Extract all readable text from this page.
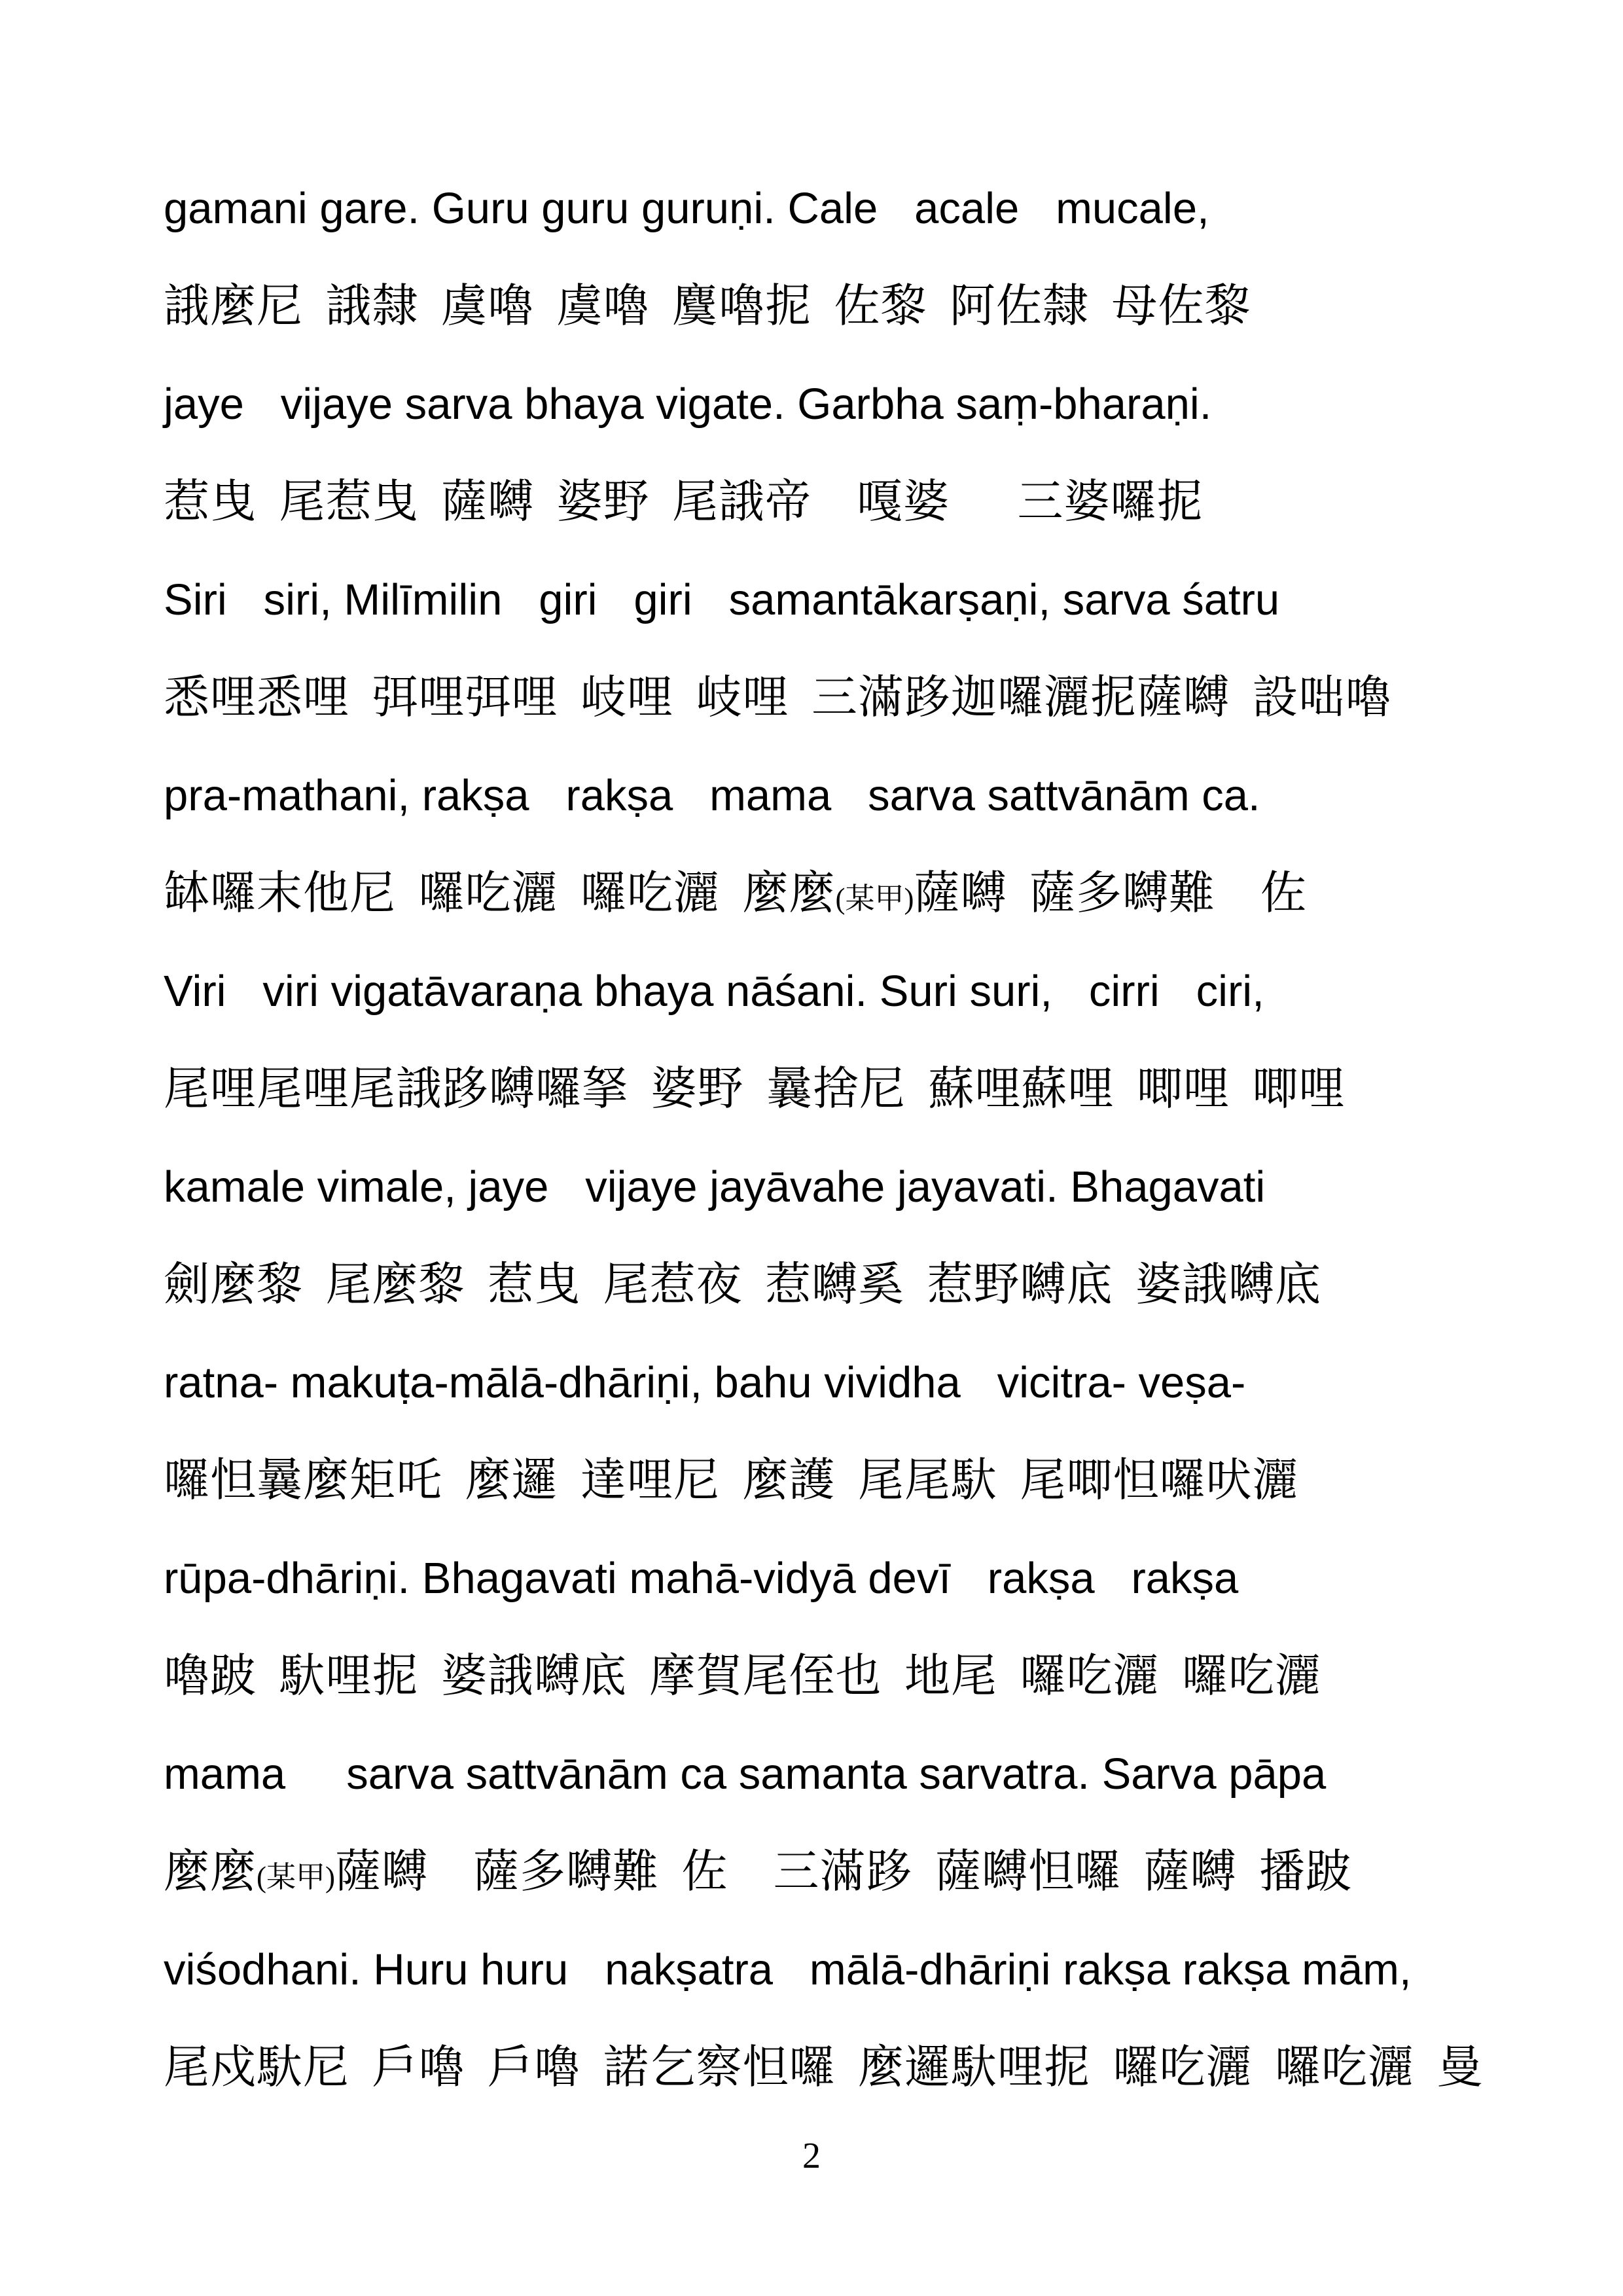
gamani gare. Guru guru guruṇi. Cale   acale   mucale,
誐麼尼 誐隸 虞嚕 虞嚕 麌嚕抳 佐黎 阿佐隸 母佐黎
jaye   vijaye sarva bhaya vigate. Garbha saṃ-bharaṇi.
惹曳 尾惹曳 薩嚩 婆野 尾誐帝  嘎婆   三婆囉抳
Siri   siri, Milīmilin   giri   giri   samantākarṣaṇi, sarva śatru
悉哩悉哩 弭哩弭哩 岐哩 岐哩 三滿跢迦囉灑抳薩嚩 設咄嚕
pra-mathani, rakṣa   rakṣa   mama   sarva sattvānām ca.
缽囉末他尼 囉吃灑 囉吃灑 麼麼(某甲)薩嚩 薩多嚩難  佐
Viri   viri vigatāvaraṇa bhaya nāśani. Suri suri,   cirri   ciri,
尾哩尾哩尾誐跢嚩囉拏 婆野 曩捨尼 蘇哩蘇哩 唧哩 唧哩
kamale vimale, jaye   vijaye jayāvahe jayavati. Bhagavati
劍麼黎 尾麼黎 惹曳 尾惹夜 惹嚩奚 惹野嚩底 婆誐嚩底
ratna- makuṭa-mālā-dhāriṇi, bahu vividha   vicitra- veṣa-
囉怛曩麼矩吒 麼邏 達哩尼 麼護 尾尾馱 尾唧怛囉吠灑
rūpa-dhāriṇi. Bhagavati mahā-vidyā devī   rakṣa   rakṣa
嚕跛 馱哩抳 婆誐嚩底 摩賀尾侄也 地尾 囉吃灑 囉吃灑
mama     sarva sattvānām ca samanta sarvatra. Sarva pāpa
麼麼(某甲)薩嚩  薩多嚩難 佐  三滿跢 薩嚩怛囉 薩嚩 播跛
viśodhani. Huru huru   nakṣatra   mālā-dhāriṇi rakṣa rakṣa mām,
尾戍馱尼 戶嚕 戶嚕 諾乞察怛囉 麼邏馱哩抳 囉吃灑 囉吃灑 曼
2
